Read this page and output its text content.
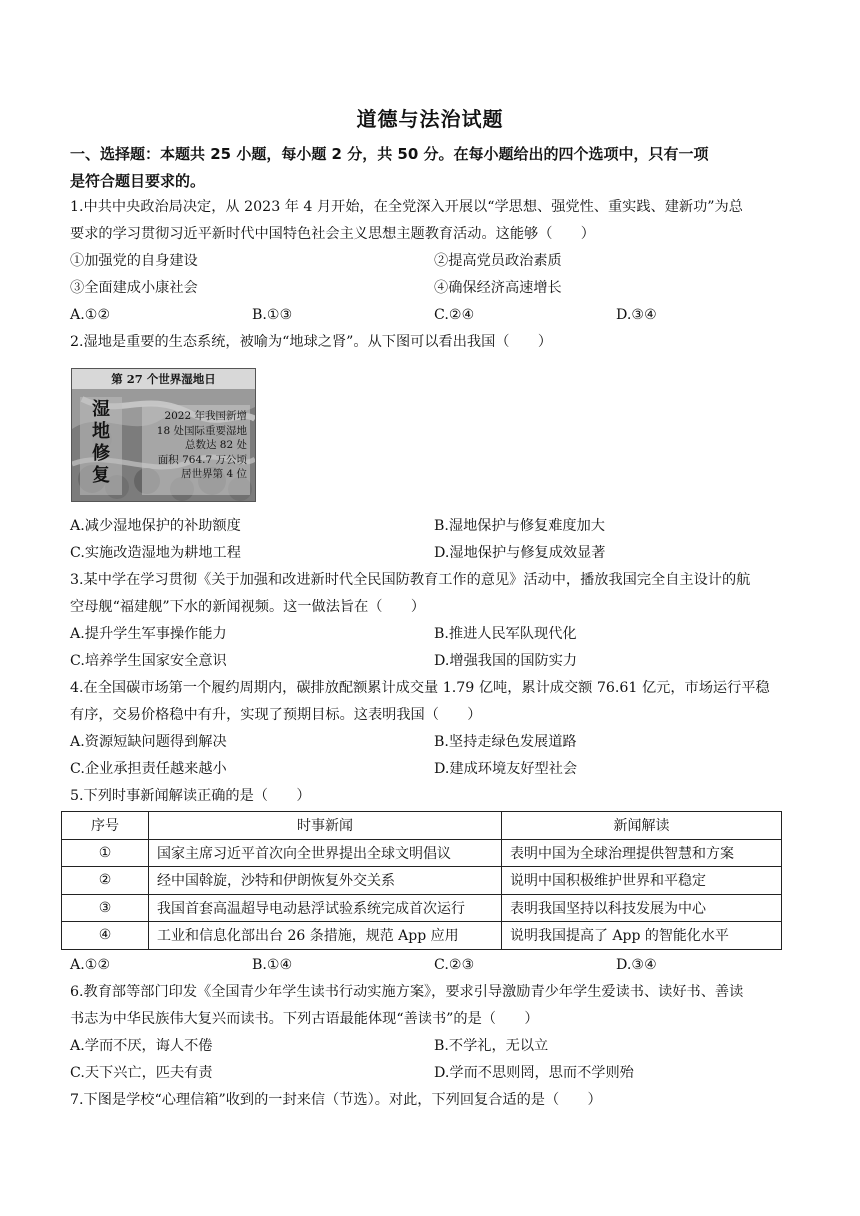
道德与法治试题
一、选择题：本题共 25 小题，每小题 2 分，共 50 分。在每小题给出的四个选项中，只有一项
是符合题目要求的。
1.中共中央政治局决定，从 2023 年 4 月开始，在全党深入开展以“学思想、强党性、重实践、建新功”为总
要求的学习贯彻习近平新时代中国特色社会主义思想主题教育活动。这能够（　　）
①加强党的自身建设	②提高党员政治素质
③全面建成小康社会	④确保经济高速增长
A.①②	B.①③	C.②④	D.③④
2.湿地是重要的生态系统，被喻为“地球之肾”。从下图可以看出我国（　　）
第 27 个世界湿地日
湿
地
修
复
2022 年我国新增
18 处国际重要湿地
总数达 82 处
面积 764.7 万公顷
居世界第 4 位
A.减少湿地保护的补助额度	B.湿地保护与修复难度加大
C.实施改造湿地为耕地工程	D.湿地保护与修复成效显著
3.某中学在学习贯彻《关于加强和改进新时代全民国防教育工作的意见》活动中，播放我国完全自主设计的航
空母舰“福建舰”下水的新闻视频。这一做法旨在（　　）
A.提升学生军事操作能力	B.推进人民军队现代化
C.培养学生国家安全意识	D.增强我国的国防实力
4.在全国碳市场第一个履约周期内，碳排放配额累计成交量 1.79 亿吨，累计成交额 76.61 亿元，市场运行平稳
有序，交易价格稳中有升，实现了预期目标。这表明我国（　　）
A.资源短缺问题得到解决	B.坚持走绿色发展道路
C.企业承担责任越来越小	D.建成环境友好型社会
5.下列时事新闻解读正确的是（　　）
序号	时事新闻	新闻解读
①	国家主席习近平首次向全世界提出全球文明倡议	表明中国为全球治理提供智慧和方案
②	经中国斡旋，沙特和伊朗恢复外交关系	说明中国积极维护世界和平稳定
③	我国首套高温超导电动悬浮试验系统完成首次运行	表明我国坚持以科技发展为中心
④	工业和信息化部出台 26 条措施，规范 App 应用	说明我国提高了 App 的智能化水平
A.①②	B.①④	C.②③	D.③④
6.教育部等部门印发《全国青少年学生读书行动实施方案》，要求引导激励青少年学生爱读书、读好书、善读
书志为中华民族伟大复兴而读书。下列古语最能体现“善读书”的是（　　）
A.学而不厌，诲人不倦	B.不学礼，无以立
C.天下兴亡，匹夫有责	D.学而不思则罔，思而不学则殆
7.下图是学校“心理信箱”收到的一封来信（节选）。对此，下列回复合适的是（　　）
